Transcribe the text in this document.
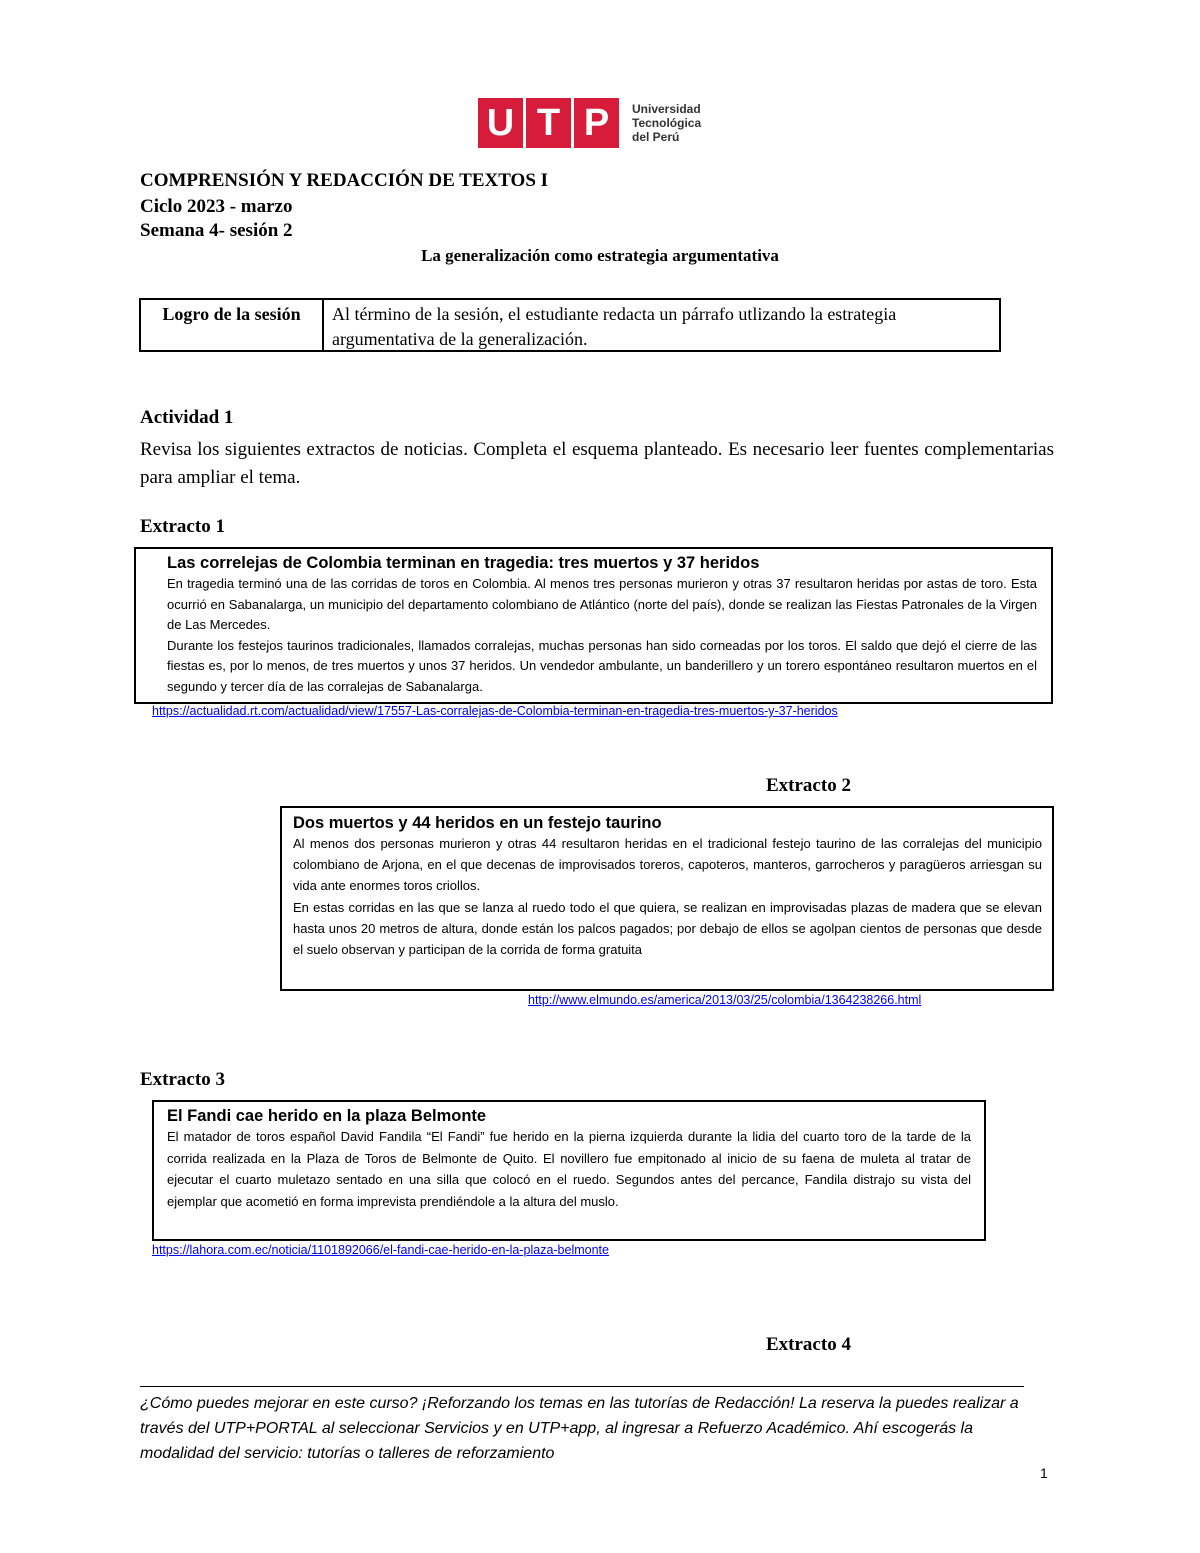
U T P	Universidad
Tecnológica
del Perú
COMPRENSIÓN Y REDACCIÓN DE TEXTOS I
Ciclo 2023 - marzo
Semana 4- sesión 2
La generalización como estrategia argumentativa
Logro de la sesión	Al término de la sesión, el estudiante redacta un párrafo utlizando la estrategia argumentativa de la generalización.
Actividad 1
Revisa los siguientes extractos de noticias. Completa el esquema planteado. Es necesario leer fuentes complementarias para ampliar el tema.
Extracto 1
Las correlejas de Colombia terminan en tragedia: tres muertos y 37 heridos

En tragedia terminó una de las corridas de toros en Colombia. Al menos tres personas murieron y otras 37 resultaron heridas por astas de toro. Esta ocurrió en Sabanalarga, un municipio del departamento colombiano de Atlántico (norte del país), donde se realizan las Fiestas Patronales de la Virgen de Las Mercedes.

Durante los festejos taurinos tradicionales, llamados corralejas, muchas personas han sido corneadas por los toros. El saldo que dejó el cierre de las fiestas es, por lo menos, de tres muertos y unos 37 heridos. Un vendedor ambulante, un banderillero y un torero espontáneo resultaron muertos en el segundo y tercer día de las corralejas de Sabanalarga.

https://actualidad.rt.com/actualidad/view/17557-Las-corralejas-de-Colombia-terminan-en-tragedia-tres-muertos-y-37-heridos
Extracto 2
Dos muertos y 44 heridos en un festejo taurino

Al menos dos personas murieron y otras 44 resultaron heridas en el tradicional festejo taurino de las corralejas del municipio colombiano de Arjona, en el que decenas de improvisados toreros, capoteros, manteros, garrocheros y paragüeros arriesgan su vida ante enormes toros criollos.

En estas corridas en las que se lanza al ruedo todo el que quiera, se realizan en improvisadas plazas de madera que se elevan hasta unos 20 metros de altura, donde están los palcos pagados; por debajo de ellos se agolpan cientos de personas que desde el suelo observan y participan de la corrida de forma gratuita

http://www.elmundo.es/america/2013/03/25/colombia/1364238266.html
Extracto 3
El Fandi cae herido en la plaza Belmonte

El matador de toros español David Fandila “El Fandi” fue herido en la pierna izquierda durante la lidia del cuarto toro de la tarde de la corrida realizada en la Plaza de Toros de Belmonte de Quito. El novillero fue empitonado al inicio de su faena de muleta al tratar de ejecutar el cuarto muletazo sentado en una silla que colocó en el ruedo. Segundos antes del percance, Fandila distrajo su vista del ejemplar que acometió en forma imprevista prendiéndole a la altura del muslo.

https://lahora.com.ec/noticia/1101892066/el-fandi-cae-herido-en-la-plaza-belmonte
Extracto 4
¿Cómo puedes mejorar en este curso? ¡Reforzando los temas en las tutorías de Redacción! La reserva la puedes realizar a través del UTP+PORTAL al seleccionar Servicios y en UTP+app, al ingresar a Refuerzo Académico. Ahí escogerás la modalidad del servicio: tutorías o talleres de reforzamiento
1
